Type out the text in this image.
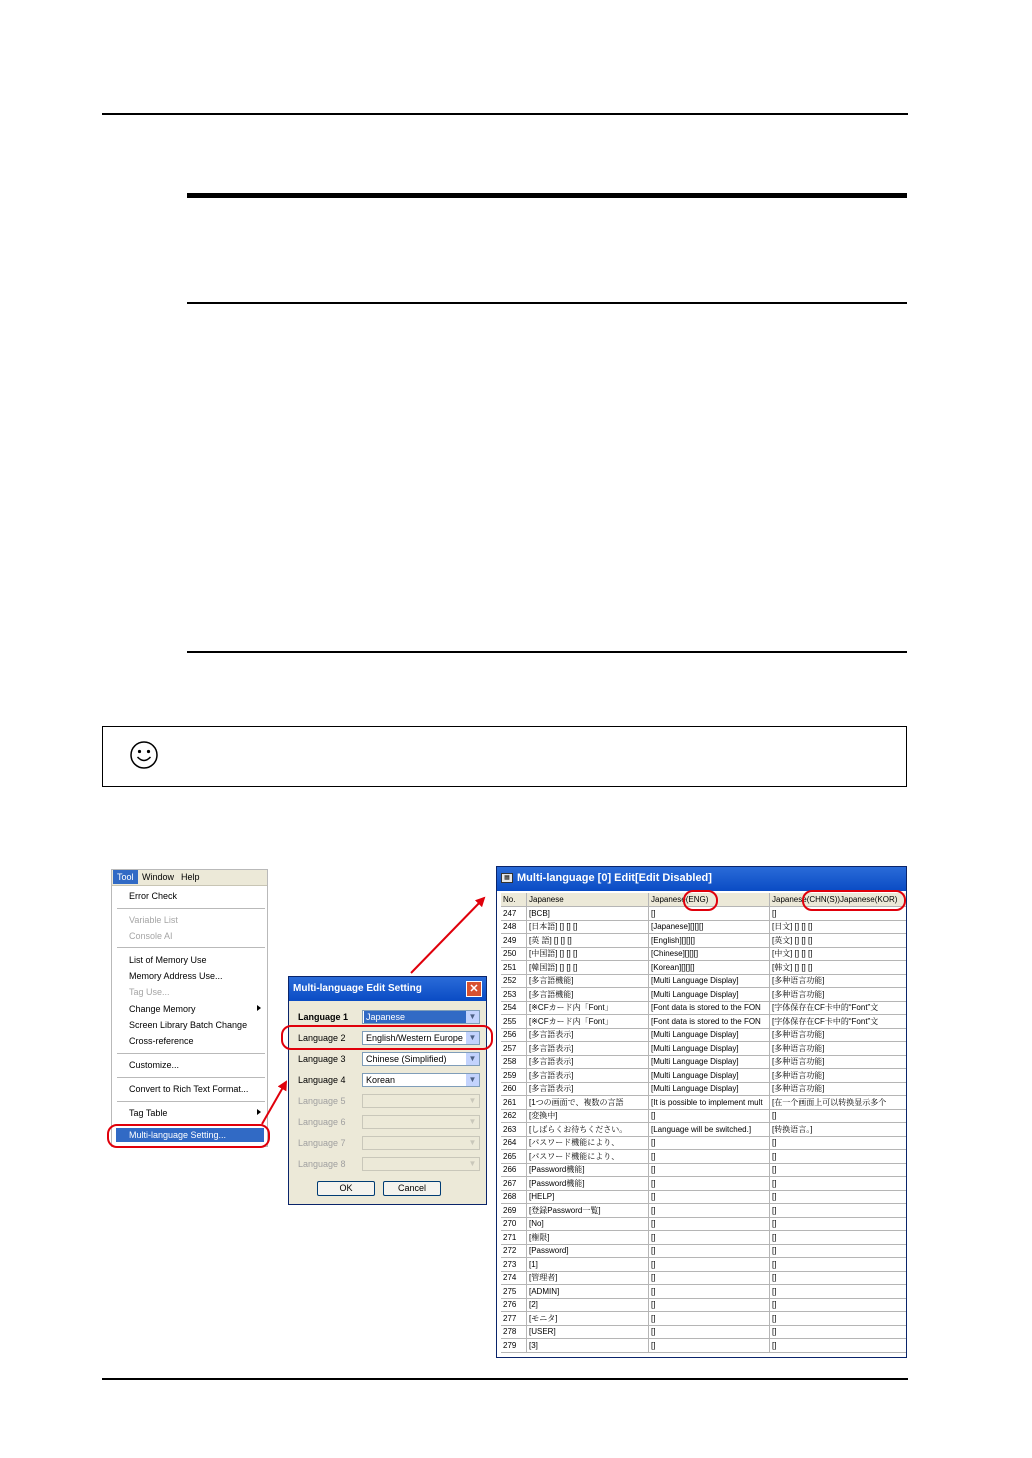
Tool Window Help
Error Check
Variable List
Console AI
List of Memory Use
Memory Address Use...
Tag Use...
Change Memory
Screen Library Batch Change
Cross-reference
Customize...
Convert to Rich Text Format...
Tag Table
Multi-language Setting...
Multi-language Edit Setting	✕
Language 1 Japanese	▼
Language 2 English/Western Europe ▼
Language 3 Chinese (Simplified)	▼
Language 4 Korean	▼
Language 5	▼
Language 6	▼
Language 7	▼
Language 8	▼
OK	Cancel
▦ Multi-language [0] Edit[Edit Disabled]
No.	Japanese	Japanese(ENG)	Japanese(CHN(S))Japanese(KOR)
247	[BCB]	[]	[]
248	[日本語] [] [] []	[Japanese][][][]	[日文] [] [] []
249	[英 語] [] [] []	[English][][][]	[英文] [] [] []
250	[中国語] [] [] []	[Chinese][][][]	[中文] [] [] []
251	[韓国語] [] [] []	[Korean][][][]	[韩文] [] [] []
252	[多言語機能]	[Multi Language Display]	[多种语言功能]
253	[多言語機能]	[Multi Language Display]	[多种语言功能]
254	[※CFカード内「Font」	[Font data is stored to the FON	[字体保存在CF卡中的“Font”文
255	[※CFカード内「Font」	[Font data is stored to the FON	[字体保存在CF卡中的“Font”文
256	[多言語表示]	[Multi Language Display]	[多种语言功能]
257	[多言語表示]	[Multi Language Display]	[多种语言功能]
258	[多言語表示]	[Multi Language Display]	[多种语言功能]
259	[多言語表示]	[Multi Language Display]	[多种语言功能]
260	[多言語表示]	[Multi Language Display]	[多种语言功能]
261	[1つの画面で、複数の言語	[It is possible to implement mult	[在一个画面上可以转换显示多个
262	[変換中]	[]	[]
263	[しばらくお待ちください。	[Language will be switched.]	[转换语言。]
264	[パスワード機能により、	[]	[]
265	[パスワード機能により、	[]	[]
266	[Password機能]	[]	[]
267	[Password機能]	[]	[]
268	[HELP]	[]	[]
269	[登録Password一覧]	[]	[]
270	[No]	[]	[]
271	[権限]	[]	[]
272	[Password]	[]	[]
273	[1]	[]	[]
274	[管理者]	[]	[]
275	[ADMIN]	[]	[]
276	[2]	[]	[]
277	[モニタ]	[]	[]
278	[USER]	[]	[]
279	[3]	[]	[]
